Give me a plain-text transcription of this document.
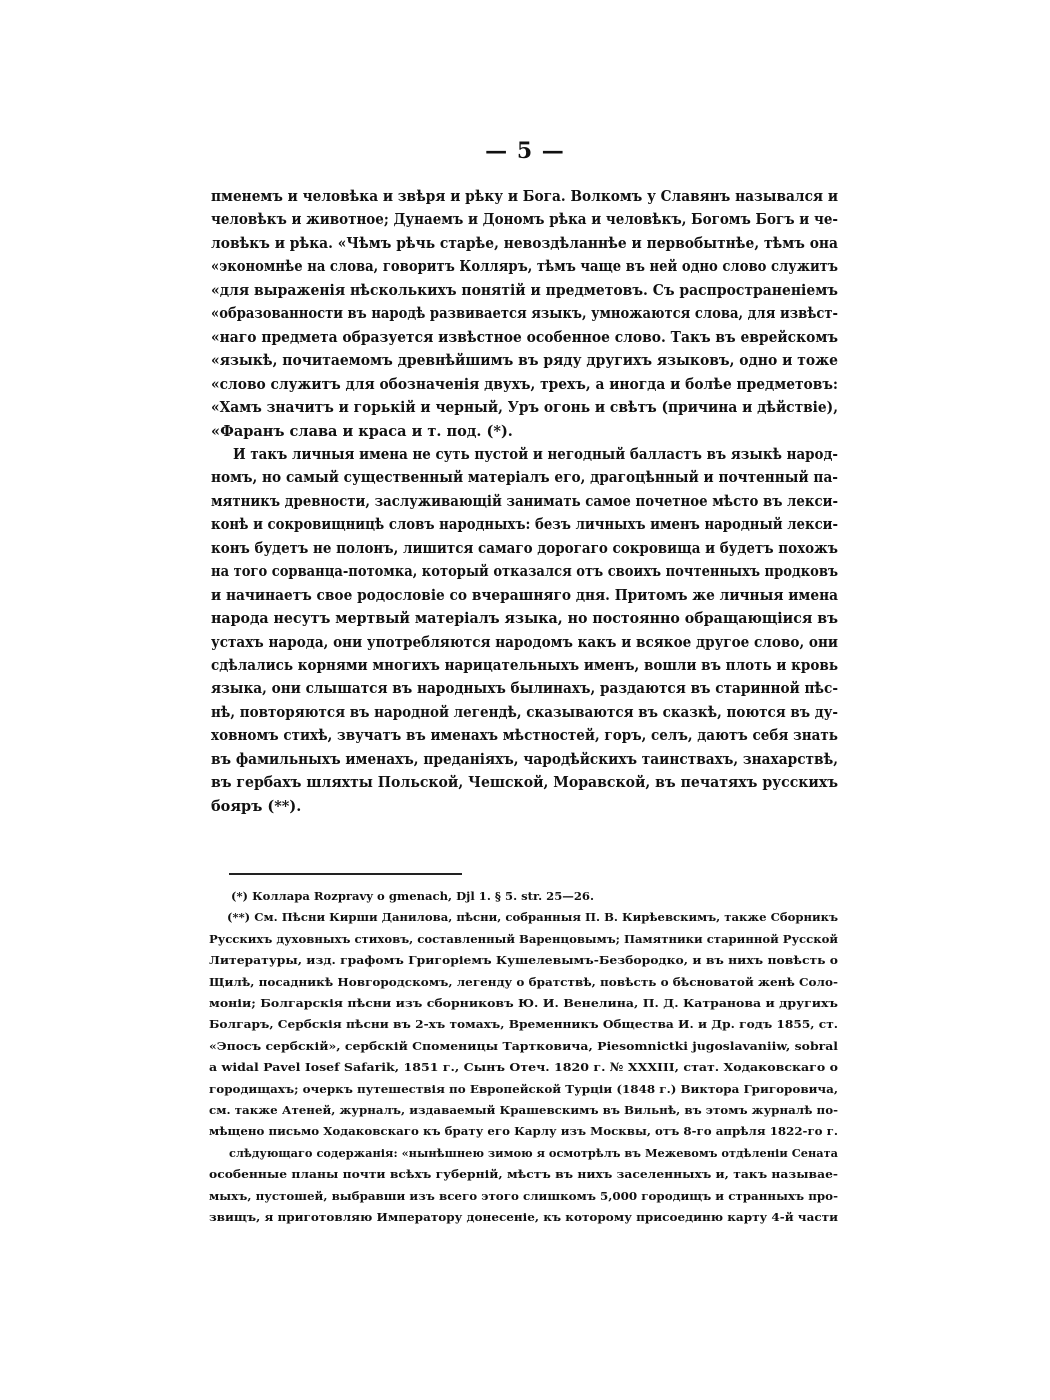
— 5 —
пменемъ и человѣка и звѣря и рѣку и Бога. Волкомъ у Славянъ назывался и
человѣкъ и животное; Дунаемъ и Дономъ рѣка и человѣкъ, Богомъ Богъ и че-
ловѣкъ и рѣка. «Чѣмъ рѣчь старѣе, невоздѣланнѣе и первобытнѣе, тѣмъ она
«экономнѣе на слова, говоритъ Колляръ, тѣмъ чаще въ ней одно слово служитъ
«для выраженія нѣсколькихъ понятій и предметовъ. Съ распространеніемъ
«образованности въ народѣ развивается языкъ, умножаются слова, для извѣст-
«наго предмета образуется извѣстное особенное слово. Такъ въ еврейскомъ
«языкѣ, почитаемомъ древнѣйшимъ въ ряду другихъ языковъ, одно и тоже
«слово служитъ для обозначенія двухъ, трехъ, а иногда и болѣе предметовъ:
«Хамъ значитъ и горькій и черный, Уръ огонь и свѣтъ (причина и дѣйствіе),
«Фаранъ слава и краса и т. под. (*).
И такъ личныя имена не суть пустой и негодный балластъ въ языкѣ народ-
номъ, но самый существенный матеріалъ его, драгоцѣнный и почтенный па-
мятникъ древности, заслуживающій занимать самое почетное мѣсто въ лекси-
конѣ и сокровищницѣ словъ народныхъ: безъ личныхъ именъ народный лекси-
конъ будетъ не полонъ, лишится самаго дорогаго сокровища и будетъ похожъ
на того сорванца-потомка, который отказался отъ своихъ почтенныхъ продковъ
и начинаетъ свое родословіе со вчерашняго дня. Притомъ же личныя имена
народа несутъ мертвый матеріалъ языка, но постоянно обращающіися въ
устахъ народа, они употребляются народомъ какъ и всякое другое слово, они
сдѣлались корнями многихъ нарицательныхъ именъ, вошли въ плоть и кровь
языка, они слышатся въ народныхъ былинахъ, раздаются въ старинной пѣс-
нѣ, повторяются въ народной легендѣ, сказываются въ сказкѣ, поются въ ду-
ховномъ стихѣ, звучатъ въ именахъ мѣстностей, горъ, селъ, даютъ себя знать
въ фамильныхъ именахъ, преданіяхъ, чародѣйскихъ таинствахъ, знахарствѣ,
въ гербахъ шляхты Польской, Чешской, Моравской, въ печатяхъ русскихъ
бояръ (**).
(*) Коллара Rozpravy o gmenach, Djl 1. § 5. str. 25—26.
(**) См. Пѣсни Кирши Данилова, пѣсни, собранныя П. В. Кирѣевскимъ, также Сборникъ
Русскихъ духовныхъ стиховъ, составленный Варенцовымъ; Памятники старинной Русской
Литературы, изд. графомъ Григоріемъ Кушелевымъ-Безбородко, и въ нихъ повѣсть о
Щилѣ, посадникѣ Новгородскомъ, легенду о братствѣ, повѣсть о бѣсноватой женѣ Соло-
моніи; Болгарскія пѣсни изъ сборниковъ Ю. И. Венелина, П. Д. Катранова и другихъ
Болгаръ, Сербскія пѣсни въ 2-хъ томахъ, Временникъ Общества И. и Др. годъ 1855, ст.
«Эпосъ сербскій», сербскій Споменицы Тартковича, Piesomnictki jugoslavaniiw, sobral
a widal Pavel Iosef Safarik, 1851 г., Сынъ Отеч. 1820 г. № XXXIII, стат. Ходаковскаго о
городищахъ; очеркъ путешествія по Европейской Турціи (1848 г.) Виктора Григоровича,
см. также Атеней, журналъ, издаваемый Крашевскимъ въ Вильнѣ, въ этомъ журналѣ по-
мѣщено письмо Ходаковскаго къ брату его Карлу изъ Москвы, отъ 8-го апрѣля 1822-го г.
слѣдующаго содержанія: «нынѣшнею зимою я осмотрѣлъ въ Межевомъ отдѣленіи Сената
особенные планы почти всѣхъ губерній, мѣстъ въ нихъ заселенныхъ и, такъ называе-
мыхъ, пустошей, выбравши изъ всего этого слишкомъ 5,000 городищъ и странныхъ про-
звищъ, я приготовляю Императору донесеніе, къ которому присоединю карту 4-й части
